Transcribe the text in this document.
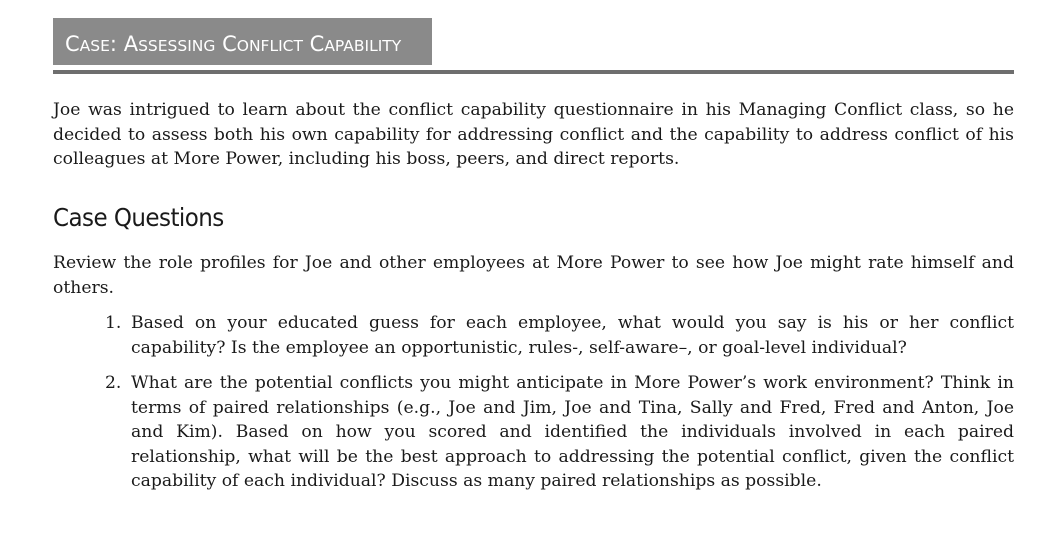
CASE: ASSESSING CONFLICT CAPABILITY

Joe was intrigued to learn about the conflict capability questionnaire in his Managing Conflict class, so he decided to assess both his own capability for addressing conflict and the capability to address conflict of his colleagues at More Power, including his boss, peers, and direct reports.

Case Questions

Review the role profiles for Joe and other employees at More Power to see how Joe might rate himself and others.

1. Based on your educated guess for each employee, what would you say is his or her conflict capability? Is the employee an opportunistic, rules-, self-aware–, or goal-level individual?
2. What are the potential conflicts you might anticipate in More Power’s work environment? Think in terms of paired relationships (e.g., Joe and Jim, Joe and Tina, Sally and Fred, Fred and Anton, Joe and Kim). Based on how you scored and identified the individuals involved in each paired relationship, what will be the best approach to addressing the potential conflict, given the conflict capability of each individual? Discuss as many paired relationships as possible.
